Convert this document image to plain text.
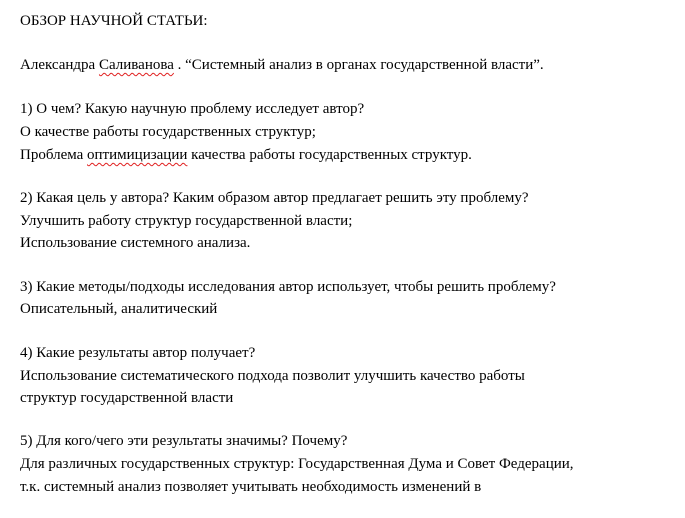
ОБЗОР НАУЧНОЙ СТАТЬИ:
Александра Саливанова . “Системный анализ в органах государственной власти”.
1) О чем? Какую научную проблему исследует автор?
О качестве работы государственных структур;
Проблема оптимицизации качества работы государственных структур.
2) Какая цель у автора? Каким образом автор предлагает решить эту проблему?
Улучшить работу структур государственной власти;
Использование системного анализа.
3) Какие методы/подходы исследования автор использует, чтобы решить проблему?
Описательный, аналитический
4) Какие результаты автор получает?
Использование систематического подхода позволит улучшить качество работы
структур государственной власти
5) Для кого/чего эти результаты значимы? Почему?
Для различных государственных структур: Государственная Дума и Совет Федерации,
т.к. системный анализ позволяет учитывать необходимость изменений в
